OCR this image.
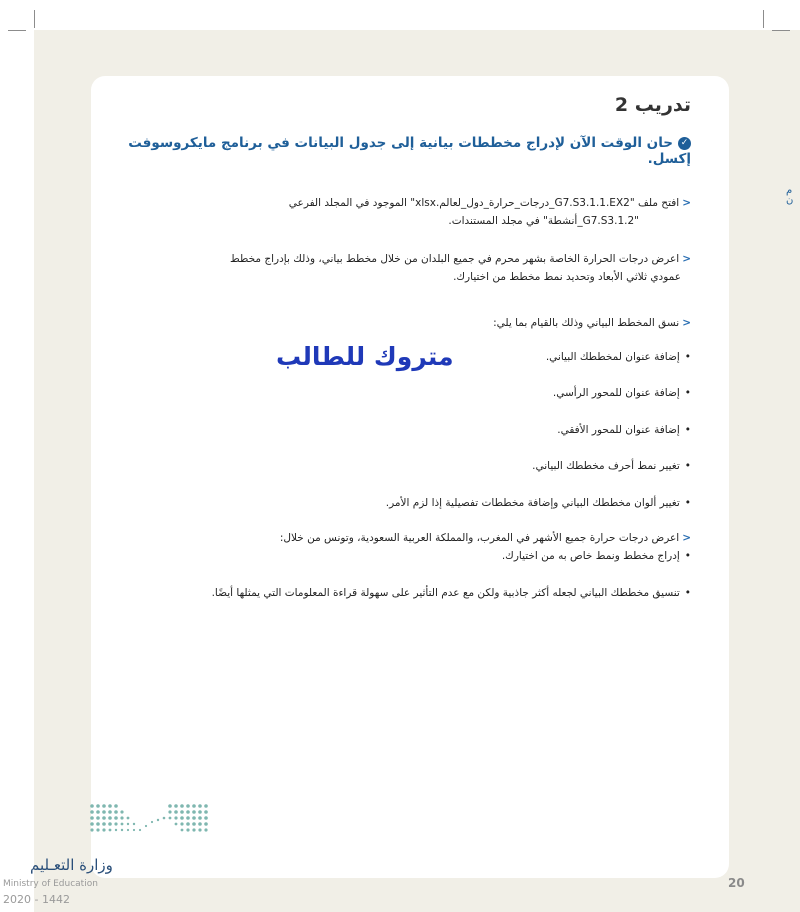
م
ن
تدريب 2
✓حان الوقت الآن لإدراج مخططات بيانية إلى جدول البيانات في برنامج مايكروسوفت إكسل.
<افتح ملف "G7.S3.1.1.EX2_درجات_حرارة_دول_لعالم.xlsx" الموجود في المجلد الفرعي
"G7.S3.1.2_أنشطة" في مجلد المستندات.
<اعرض درجات الحرارة الخاصة بشهر محرم في جميع البلدان من خلال مخطط بياني، وذلك بإدراج مخطط
عمودي ثلاثي الأبعاد وتحديد نمط مخطط من اختيارك.
<نسق المخطط البياني وذلك بالقيام بما يلي:
•إضافة عنوان لمخططك البياني.
•إضافة عنوان للمحور الرأسي.
•إضافة عنوان للمحور الأفقي.
•تغيير نمط أحرف مخططك البياني.
•تغيير ألوان مخططك البياني وإضافة مخططات تفصيلية إذا لزم الأمر.
متروك للطالب
<اعرض درجات حرارة جميع الأشهر في المغرب، والمملكة العربية السعودية، وتونس من خلال:
•إدراج مخطط ونمط خاص به من اختيارك.
•تنسيق مخططك البياني لجعله أكثر جاذبية ولكن مع عدم التأثير على سهولة قراءة المعلومات التي يمثلها أيضًا.
20
وزارة التعـليم
Ministry of Education
2020 - 1442
